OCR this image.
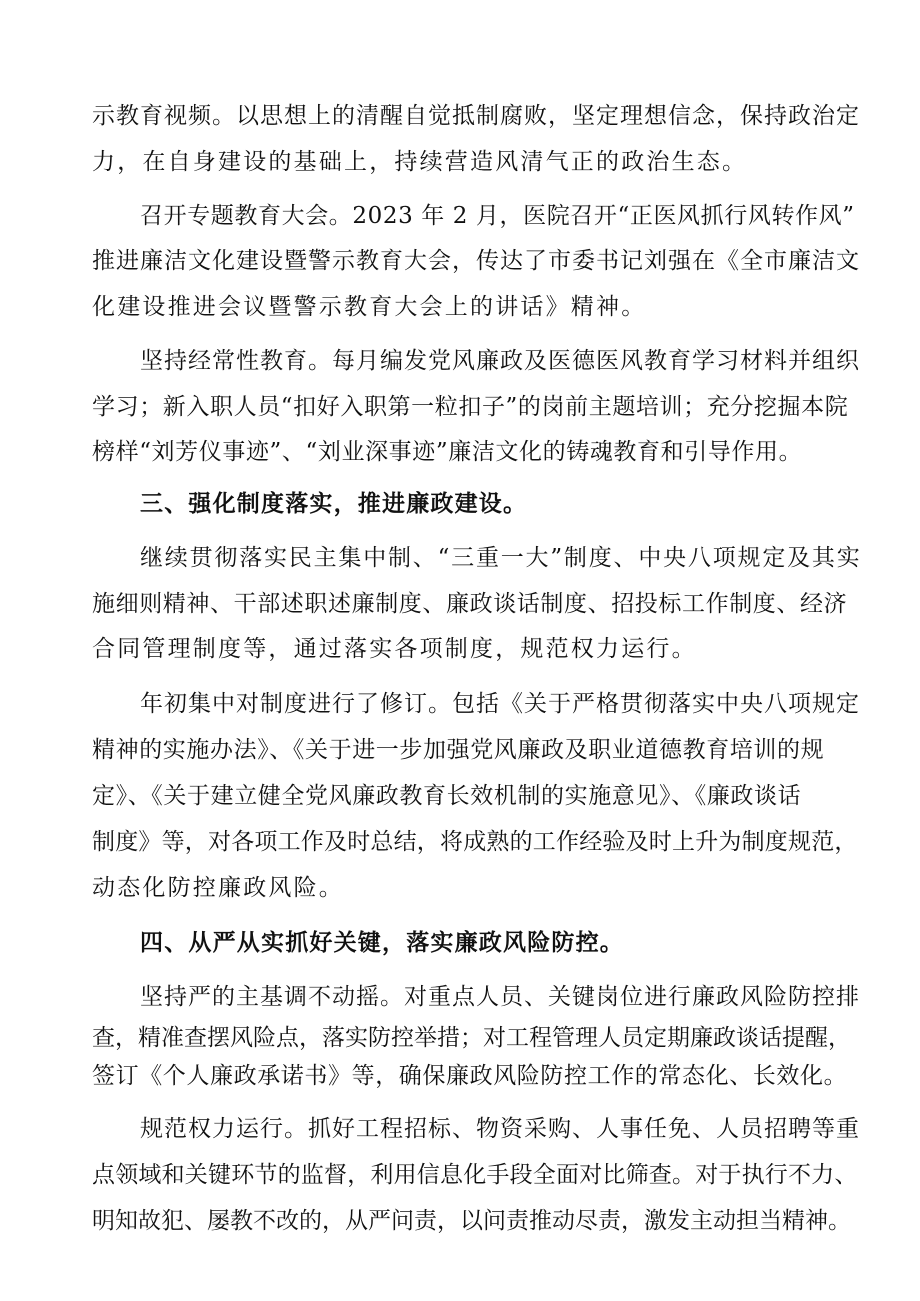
示教育视频。以思想上的清醒自觉抵制腐败，坚定理想信念，保持政治定
力，在自身建设的基础上，持续营造风清气正的政治生态。
召开专题教育大会。2023 年 2 月，医院召开“正医风抓行风转作风”
推进廉洁文化建设暨警示教育大会，传达了市委书记刘强在《全市廉洁文
化建设推进会议暨警示教育大会上的讲话》精神。
坚持经常性教育。每月编发党风廉政及医德医风教育学习材料并组织
学习；新入职人员“扣好入职第一粒扣子”的岗前主题培训；充分挖掘本院
榜样“刘芳仪事迹”、“刘业深事迹”廉洁文化的铸魂教育和引导作用。
三、强化制度落实，推进廉政建设。
继续贯彻落实民主集中制、“三重一大”制度、中央八项规定及其实
施细则精神、干部述职述廉制度、廉政谈话制度、招投标工作制度、经济
合同管理制度等，通过落实各项制度，规范权力运行。
年初集中对制度进行了修订。包括《关于严格贯彻落实中央八项规定
精神的实施办法》、《关于进一步加强党风廉政及职业道德教育培训的规
定》、《关于建立健全党风廉政教育长效机制的实施意见》、《廉政谈话
制度》等，对各项工作及时总结，将成熟的工作经验及时上升为制度规范，
动态化防控廉政风险。
四、从严从实抓好关键，落实廉政风险防控。
坚持严的主基调不动摇。对重点人员、关键岗位进行廉政风险防控排
查，精准查摆风险点，落实防控举措；对工程管理人员定期廉政谈话提醒，
签订《个人廉政承诺书》等，确保廉政风险防控工作的常态化、长效化。
规范权力运行。抓好工程招标、物资采购、人事任免、人员招聘等重
点领域和关键环节的监督，利用信息化手段全面对比筛查。对于执行不力、
明知故犯、屡教不改的，从严问责，以问责推动尽责，激发主动担当精神。
